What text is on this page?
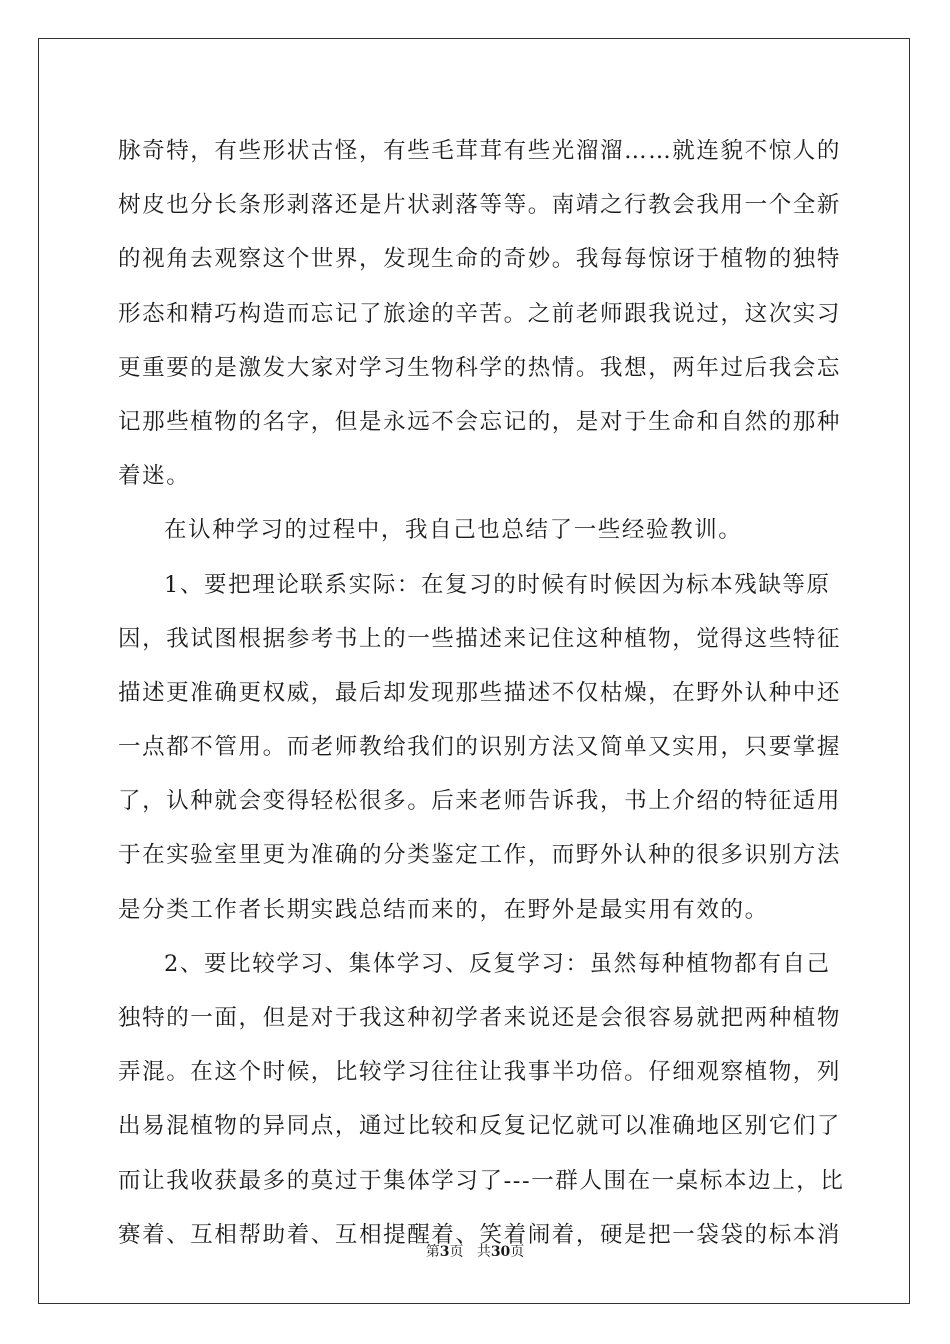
脉奇特，有些形状古怪，有些毛茸茸有些光溜溜……就连貌不惊人的
树皮也分长条形剥落还是片状剥落等等。南靖之行教会我用一个全新
的视角去观察这个世界，发现生命的奇妙。我每每惊讶于植物的独特
形态和精巧构造而忘记了旅途的辛苦。之前老师跟我说过，这次实习
更重要的是激发大家对学习生物科学的热情。我想，两年过后我会忘
记那些植物的名字，但是永远不会忘记的，是对于生命和自然的那种
着迷。
在认种学习的过程中，我自己也总结了一些经验教训。
1、要把理论联系实际：在复习的时候有时候因为标本残缺等原
因，我试图根据参考书上的一些描述来记住这种植物，觉得这些特征
描述更准确更权威，最后却发现那些描述不仅枯燥，在野外认种中还
一点都不管用。而老师教给我们的识别方法又简单又实用，只要掌握
了，认种就会变得轻松很多。后来老师告诉我，书上介绍的特征适用
于在实验室里更为准确的分类鉴定工作，而野外认种的很多识别方法
是分类工作者长期实践总结而来的，在野外是最实用有效的。
2、要比较学习、集体学习、反复学习：虽然每种植物都有自己
独特的一面，但是对于我这种初学者来说还是会很容易就把两种植物
弄混。在这个时候，比较学习往往让我事半功倍。仔细观察植物，列
出易混植物的异同点，通过比较和反复记忆就可以准确地区别它们了
而让我收获最多的莫过于集体学习了---一群人围在一桌标本边上，比
赛着、互相帮助着、互相提醒着、笑着闹着，硬是把一袋袋的标本消
第3页 共30页
